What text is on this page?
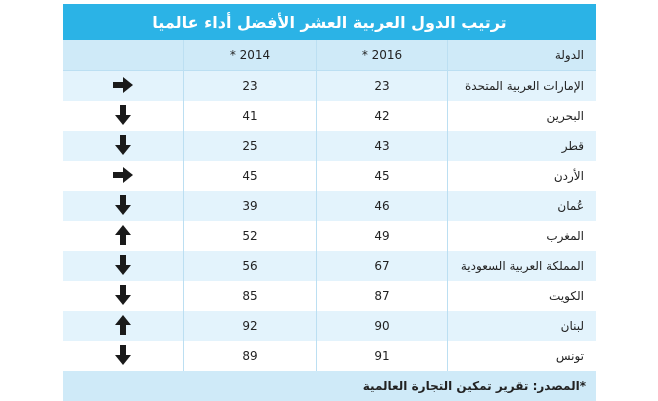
ترتيب الدول العربية العشر الأفضل أداء عالميا
الدولة	2016 *	2014 *	
الإمارات العربية المتحدة	23	23	
البحرين	42	41	
قطر	43	25	
الأردن	45	45	
عُمان	46	39	
المغرب	49	52	
المملكة العربية السعودية	67	56	
الكويت	87	85	
لبنان	90	92	
تونس	91	89	
*المصدر: تقرير تمكين التجارة العالمية
